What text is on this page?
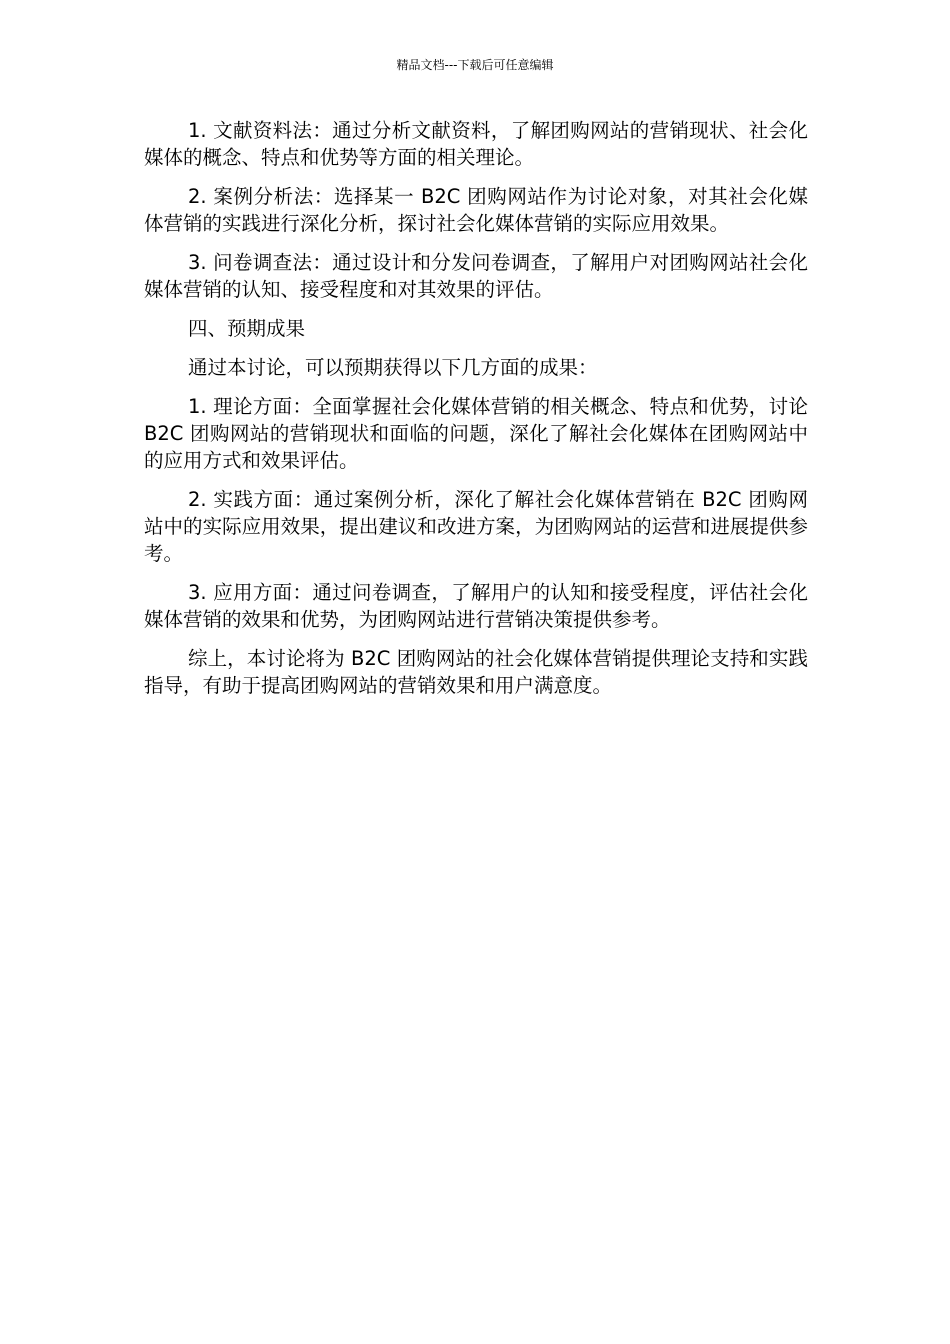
精品文档---下载后可任意编辑

1. 文献资料法：通过分析文献资料，了解团购网站的营销现状、社会化媒体的概念、特点和优势等方面的相关理论。

2. 案例分析法：选择某一 B2C 团购网站作为讨论对象，对其社会化媒体营销的实践进行深化分析，探讨社会化媒体营销的实际应用效果。

3. 问卷调查法：通过设计和分发问卷调查，了解用户对团购网站社会化媒体营销的认知、接受程度和对其效果的评估。

四、预期成果

通过本讨论，可以预期获得以下几方面的成果：

1. 理论方面：全面掌握社会化媒体营销的相关概念、特点和优势，讨论 B2C 团购网站的营销现状和面临的问题，深化了解社会化媒体在团购网站中的应用方式和效果评估。

2. 实践方面：通过案例分析，深化了解社会化媒体营销在 B2C 团购网站中的实际应用效果，提出建议和改进方案，为团购网站的运营和进展提供参考。

3. 应用方面：通过问卷调查，了解用户的认知和接受程度，评估社会化媒体营销的效果和优势，为团购网站进行营销决策提供参考。

综上，本讨论将为 B2C 团购网站的社会化媒体营销提供理论支持和实践指导，有助于提高团购网站的营销效果和用户满意度。
